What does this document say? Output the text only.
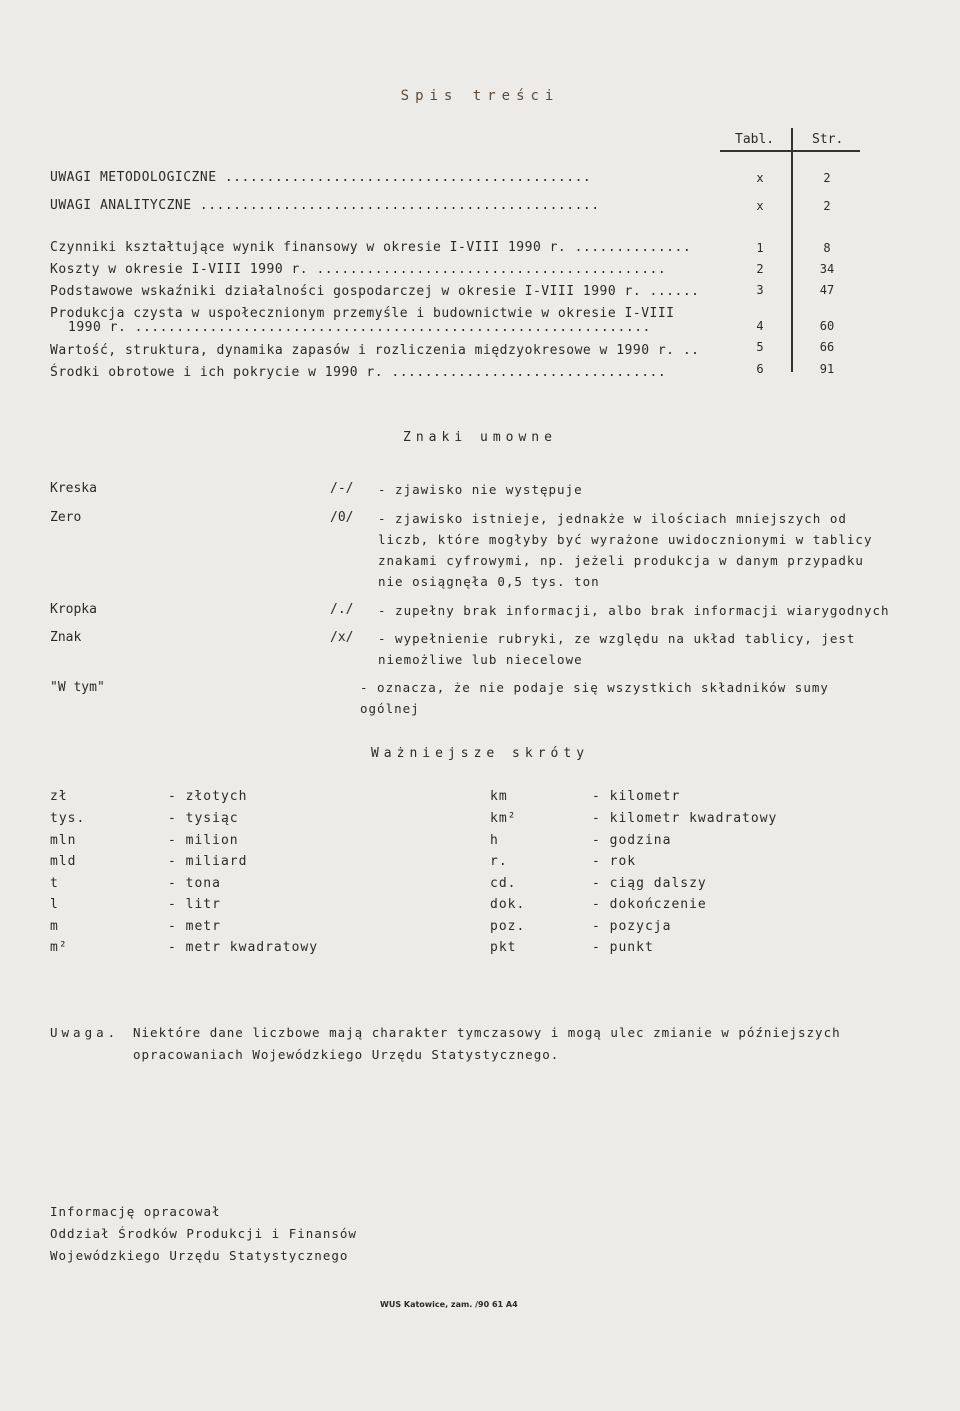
Spis treści
Tabl.	Str.
UWAGI METODOLOGICZNE ............................................	x	2
UWAGI ANALITYCZNE ................................................	x	2
Czynniki kształtujące wynik finansowy w okresie I-VIII 1990 r. ..............	1	8
Koszty w okresie I-VIII 1990 r. ..........................................	2	34
Podstawowe wskaźniki działalności gospodarczej w okresie I-VIII 1990 r. ......	3	47
Produkcja czysta w uspołecznionym przemyśle i budownictwie w okresie I-VIII
1990 r. ..............................................................	4	60
Wartość, struktura, dynamika zapasów i rozliczenia międzyokresowe w 1990 r. ..	5	66
Środki obrotowe i ich pokrycie w 1990 r. .................................	6	91
Znaki umowne
Kreska	/-/ - zjawisko nie występuje
Zero	/0/ - zjawisko istnieje, jednakże w ilościach mniejszych od liczb, które mogłyby być wyrażone uwidocznionymi w tablicy znakami cyfrowymi, np. jeżeli produkcja w danym przypadku nie osiągnęła 0,5 tys. ton
Kropka	/./ - zupełny brak informacji, albo brak informacji wiarygodnych
Znak	/x/ - wypełnienie rubryki, ze względu na układ tablicy, jest niemożliwe lub niecelowe
"W tym"	- oznacza, że nie podaje się wszystkich składników sumy ogólnej
Ważniejsze skróty
zł	- złotych
tys.	- tysiąc
mln	- milion
mld	- miliard
t	- tona
l	- litr
m	- metr
m²	- metr kwadratowy
km	- kilometr
km²	- kilometr kwadratowy
h	- godzina
r.	- rok
cd.	- ciąg dalszy
dok.	- dokończenie
poz.	- pozycja
pkt	- punkt
Uwaga. Niektóre dane liczbowe mają charakter tymczasowy i mogą ulec zmianie w późniejszych
opracowaniach Wojewódzkiego Urzędu Statystycznego.
Informację opracował
Oddział Środków Produkcji i Finansów
Wojewódzkiego Urzędu Statystycznego
WUS Katowice, zam. /90 61 A4
